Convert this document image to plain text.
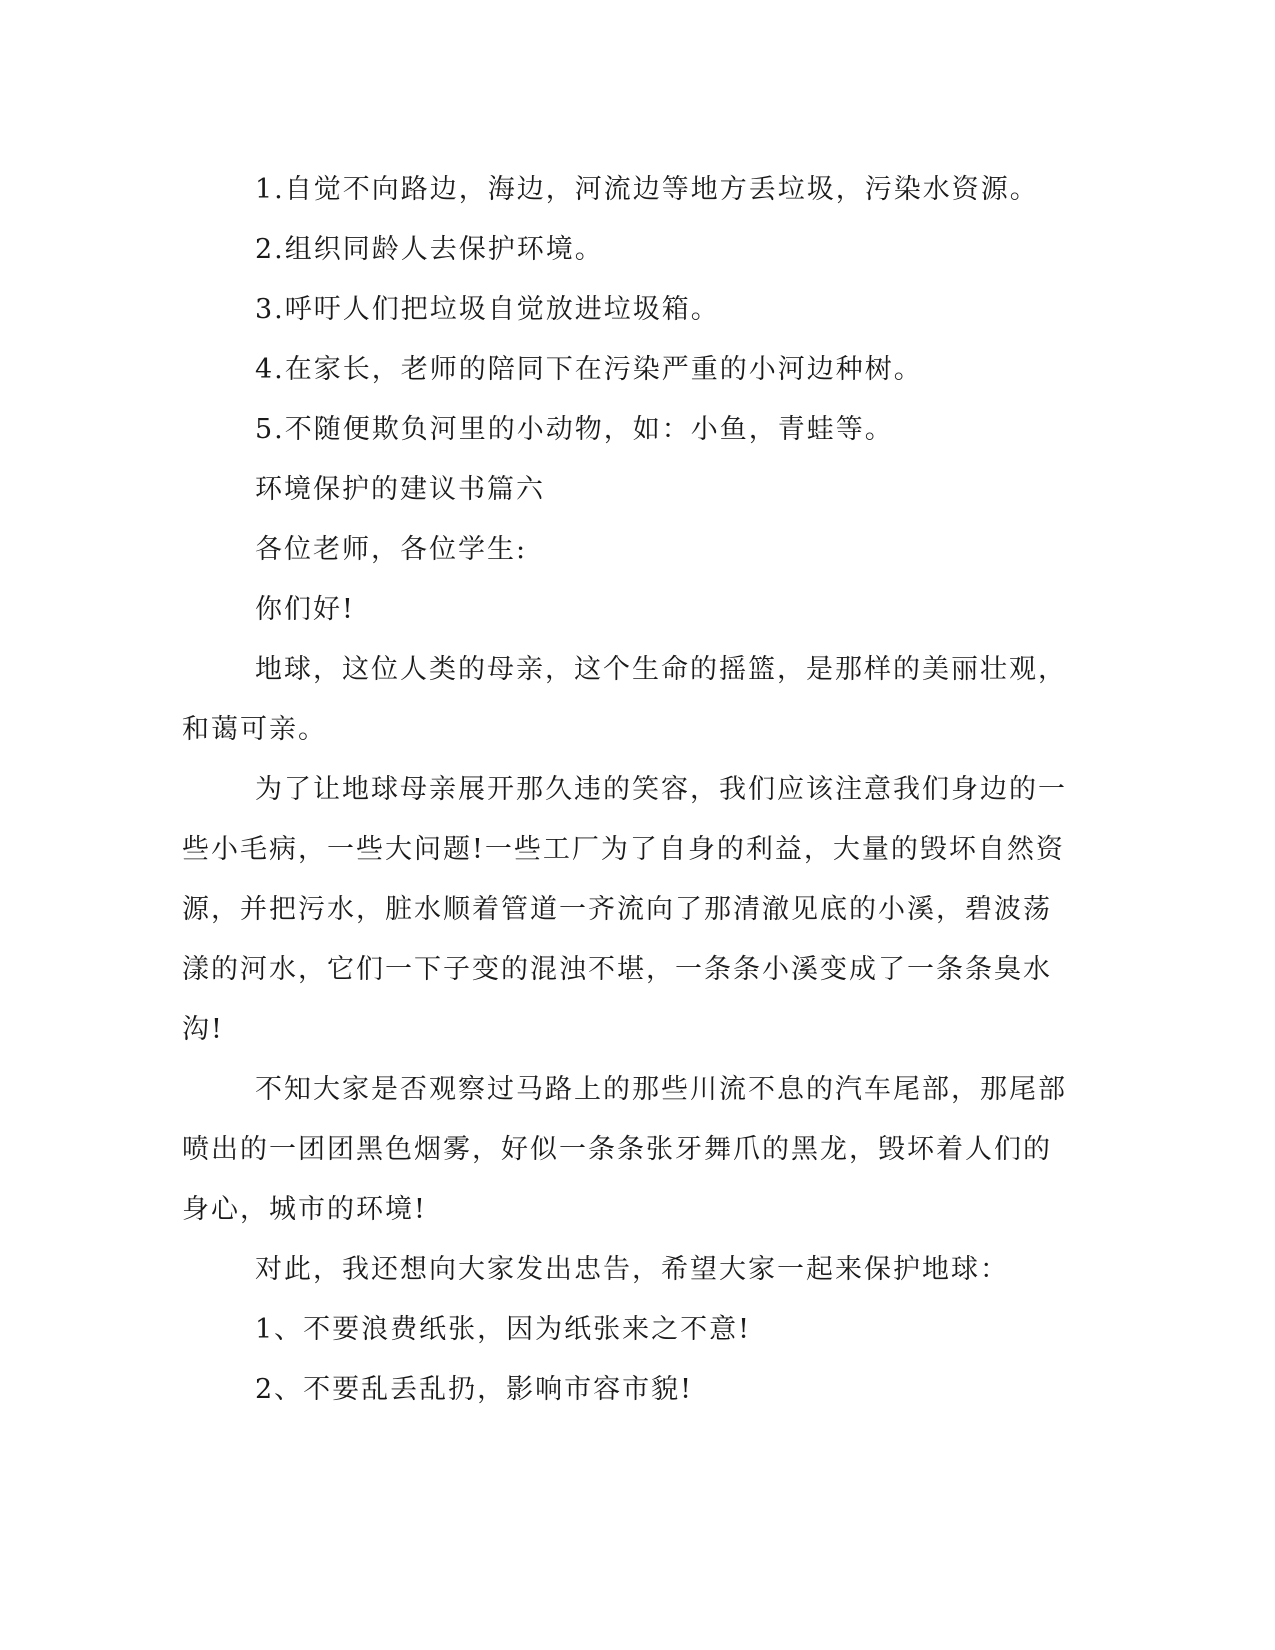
1.自觉不向路边，海边，河流边等地方丢垃圾，污染水资源。
2.组织同龄人去保护环境。
3.呼吁人们把垃圾自觉放进垃圾箱。
4.在家长，老师的陪同下在污染严重的小河边种树。
5.不随便欺负河里的小动物，如：小鱼，青蛙等。
环境保护的建议书篇六
各位老师，各位学生:
你们好!
地球，这位人类的母亲，这个生命的摇篮，是那样的美丽壮观，
和蔼可亲。
为了让地球母亲展开那久违的笑容，我们应该注意我们身边的一
些小毛病，一些大问题!一些工厂为了自身的利益，大量的毁坏自然资
源，并把污水，脏水顺着管道一齐流向了那清澈见底的小溪，碧波荡
漾的河水，它们一下子变的混浊不堪，一条条小溪变成了一条条臭水
沟!
不知大家是否观察过马路上的那些川流不息的汽车尾部，那尾部
喷出的一团团黑色烟雾，好似一条条张牙舞爪的黑龙，毁坏着人们的
身心，城市的环境!
对此，我还想向大家发出忠告，希望大家一起来保护地球：
1、不要浪费纸张，因为纸张来之不意!
2、不要乱丢乱扔，影响市容市貌!
